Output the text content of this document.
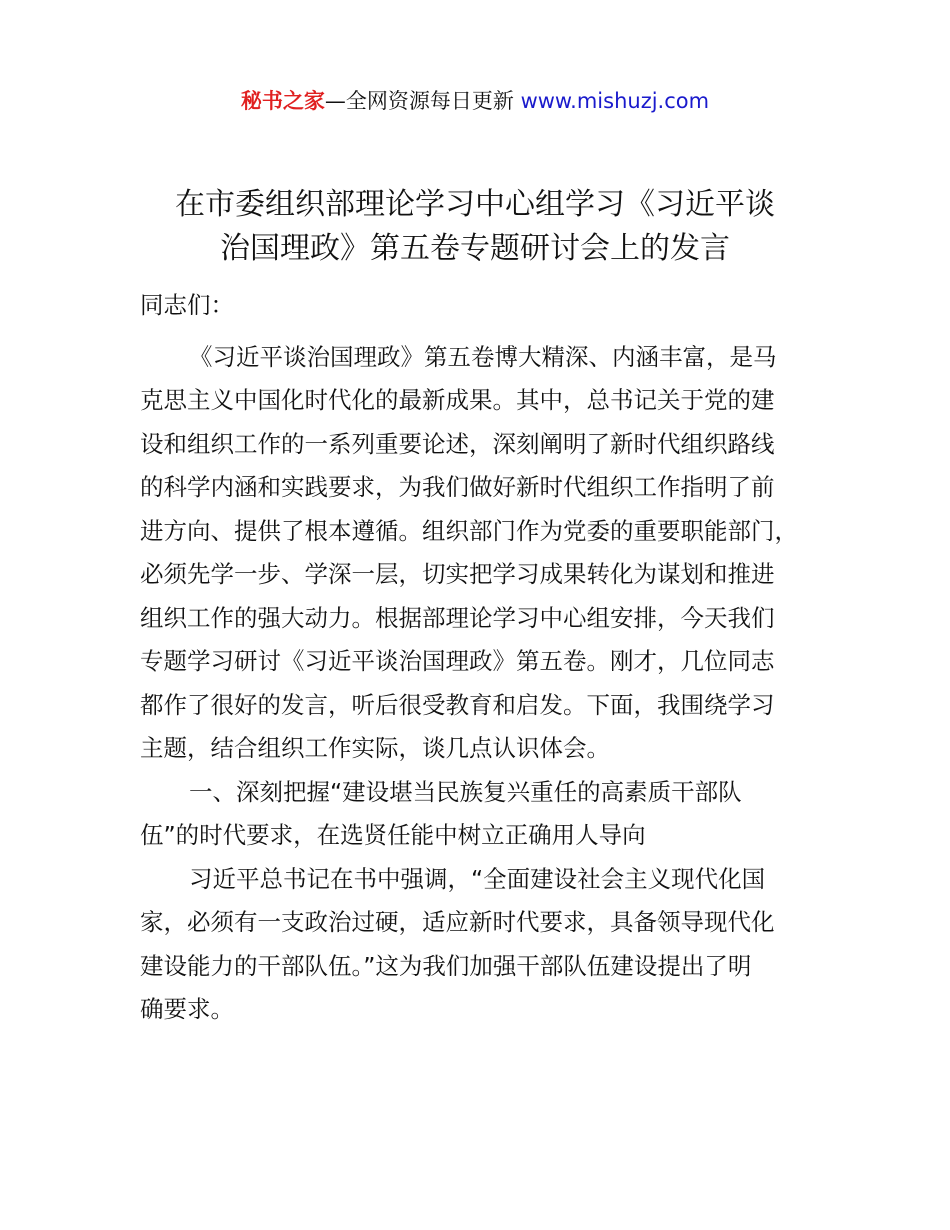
秘书之家—全网资源每日更新 www.mishuzj.com
在市委组织部理论学习中心组学习《习近平谈
治国理政》第五卷专题研讨会上的发言

同志们：

《习近平谈治国理政》第五卷博大精深、内涵丰富，是马
克思主义中国化时代化的最新成果。其中，总书记关于党的建
设和组织工作的一系列重要论述，深刻阐明了新时代组织路线
的科学内涵和实践要求，为我们做好新时代组织工作指明了前
进方向、提供了根本遵循。组织部门作为党委的重要职能部门，
必须先学一步、学深一层，切实把学习成果转化为谋划和推进
组织工作的强大动力。根据部理论学习中心组安排，今天我们
专题学习研讨《习近平谈治国理政》第五卷。刚才，几位同志
都作了很好的发言，听后很受教育和启发。下面，我围绕学习
主题，结合组织工作实际，谈几点认识体会。
一、深刻把握“建设堪当民族复兴重任的高素质干部队
伍”的时代要求，在选贤任能中树立正确用人导向
习近平总书记在书中强调，“全面建设社会主义现代化国
家，必须有一支政治过硬，适应新时代要求，具备领导现代化
建设能力的干部队伍。”这为我们加强干部队伍建设提出了明
确要求。
